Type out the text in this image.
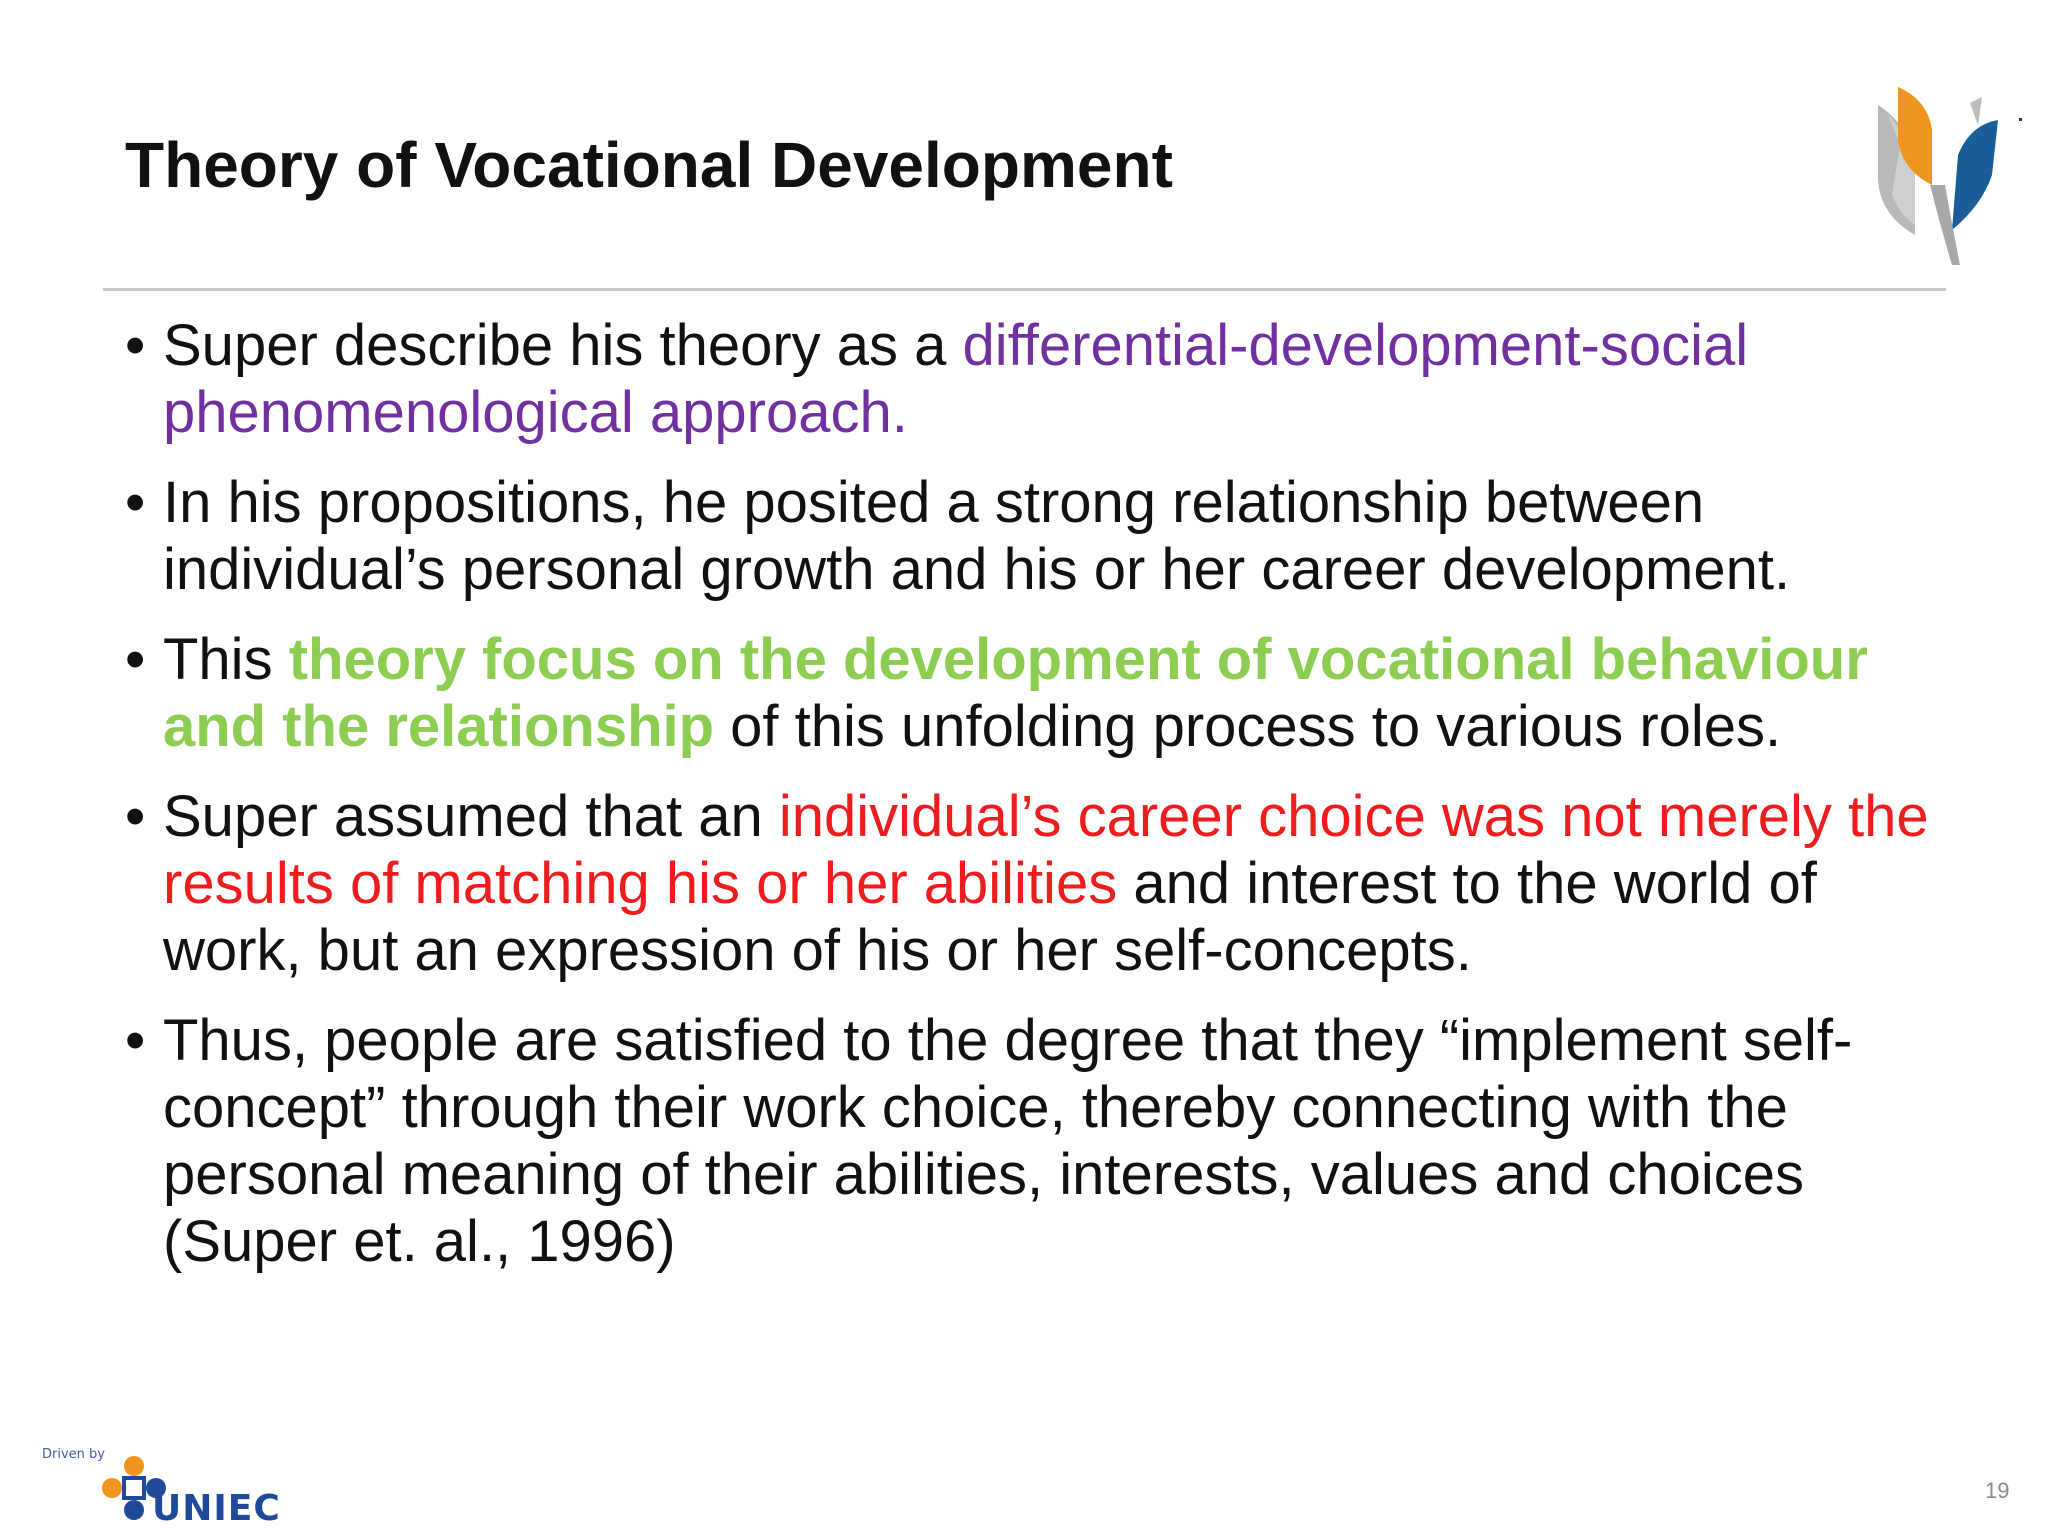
Theory of Vocational Development
• Super describe his theory as a differential-development-social phenomenological approach.
• In his propositions, he posited a strong relationship between individual’s personal growth and his or her career development.
• This theory focus on the development of vocational behaviour and the relationship of this unfolding process to various roles.
• Super assumed that an individual’s career choice was not merely the results of matching his or her abilities and interest to the world of work, but an expression of his or her self-concepts.
• Thus, people are satisfied to the degree that they “implement self-concept” through their work choice, thereby connecting with the personal meaning of their abilities, interests, values and choices (Super et. al., 1996)
Driven by
UNIEC	19
